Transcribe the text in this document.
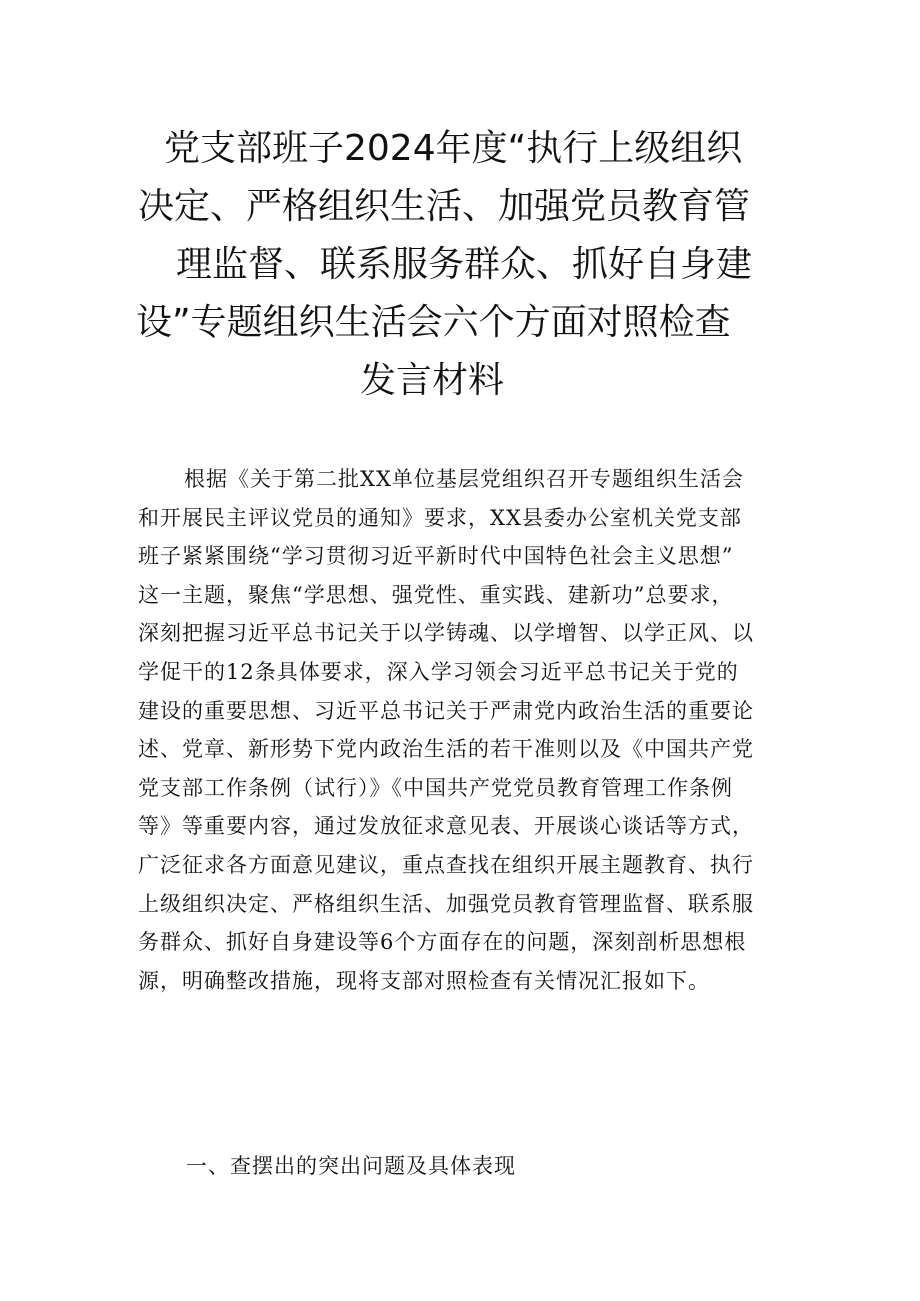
党支部班子2024年度“执行上级组织
决定、严格组织生活、加强党员教育管
理监督、联系服务群众、抓好自身建
设”专题组织生活会六个方面对照检查
发言材料
根据《关于第二批XX单位基层党组织召开专题组织生活会
和开展民主评议党员的通知》要求，XX县委办公室机关党支部
班子紧紧围绕“学习贯彻习近平新时代中国特色社会主义思想”
这一主题，聚焦“学思想、强党性、重实践、建新功”总要求，
深刻把握习近平总书记关于以学铸魂、以学增智、以学正风、以
学促干的12条具体要求，深入学习领会习近平总书记关于党的
建设的重要思想、习近平总书记关于严肃党内政治生活的重要论
述、党章、新形势下党内政治生活的若干准则以及《中国共产党
党支部工作条例（试行）》《中国共产党党员教育管理工作条例
等》等重要内容，通过发放征求意见表、开展谈心谈话等方式，
广泛征求各方面意见建议，重点查找在组织开展主题教育、执行
上级组织决定、严格组织生活、加强党员教育管理监督、联系服
务群众、抓好自身建设等6个方面存在的问题，深刻剖析思想根
源，明确整改措施，现将支部对照检查有关情况汇报如下。
一、查摆出的突出问题及具体表现
